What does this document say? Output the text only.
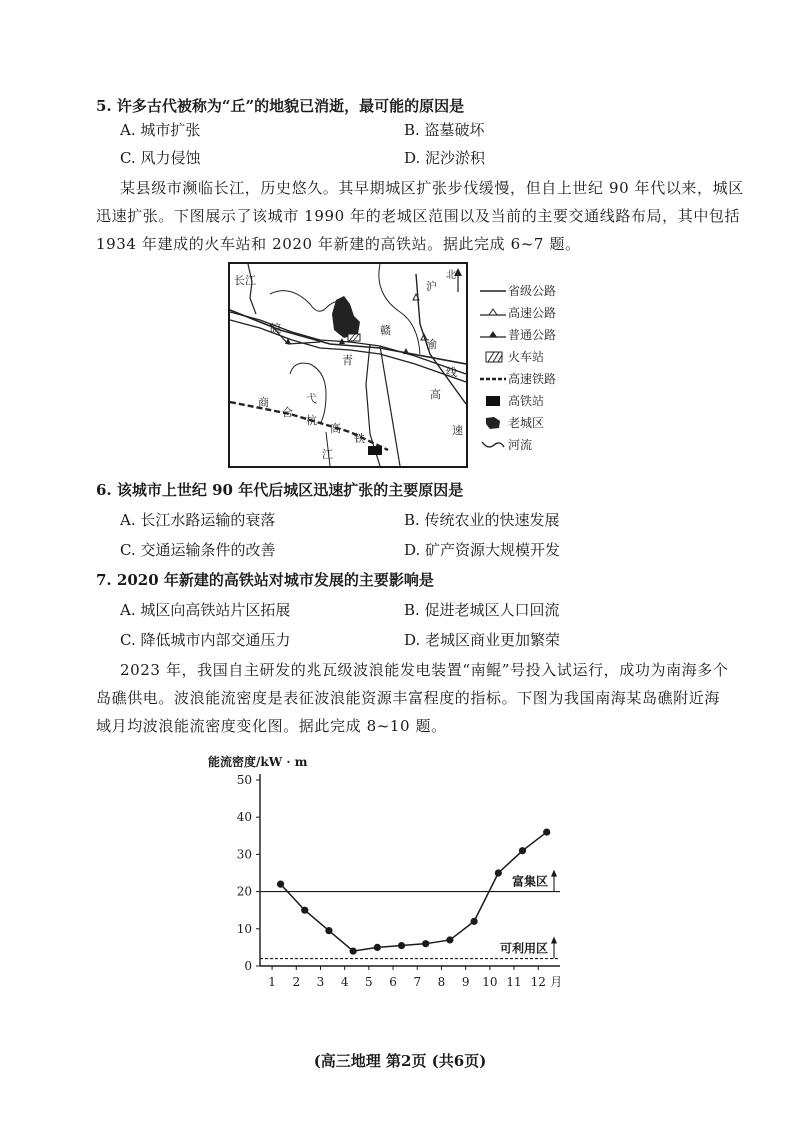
5. 许多古代被称为“丘”的地貌已消逝，最可能的原因是
A. 城市扩张	B. 盗墓破坏
C. 风力侵蚀	D. 泥沙淤积
某县级市濒临长江，历史悠久。其早期城区扩张步伐缓慢，但自上世纪 90 年代以来，城区
迅速扩张。下图展示了该城市 1990 年的老城区范围以及当前的主要交通线路布局，其中包括
1934 年建成的火车站和 2020 年新建的高铁站。据此完成 6~7 题。
长江
皖	赣
青
沪
渝
线
高
速
商
合
杭
高
铁
弋
江
北
省级公路
高速公路
普通公路
火车站
高速铁路
高铁站
老城区
河流
6. 该城市上世纪 90 年代后城区迅速扩张的主要原因是
A. 长江水路运输的衰落	B. 传统农业的快速发展
C. 交通运输条件的改善	D. 矿产资源大规模开发
7. 2020 年新建的高铁站对城市发展的主要影响是
A. 城区向高铁站片区拓展	B. 促进老城区人口回流
C. 降低城市内部交通压力	D. 老城区商业更加繁荣
2023 年，我国自主研发的兆瓦级波浪能发电装置“南鲲”号投入试运行，成功为南海多个
岛礁供电。波浪能流密度是表征波浪能资源丰富程度的指标。下图为我国南海某岛礁附近海
域月均波浪能流密度变化图。据此完成 8~10 题。
0
10
20
30
40
50
1 2 3 4 5 6 7 8 9 10 11 12 月
富集区
可利用区
能流密度/kW · m
(高三地理 第2页 (共6页)
